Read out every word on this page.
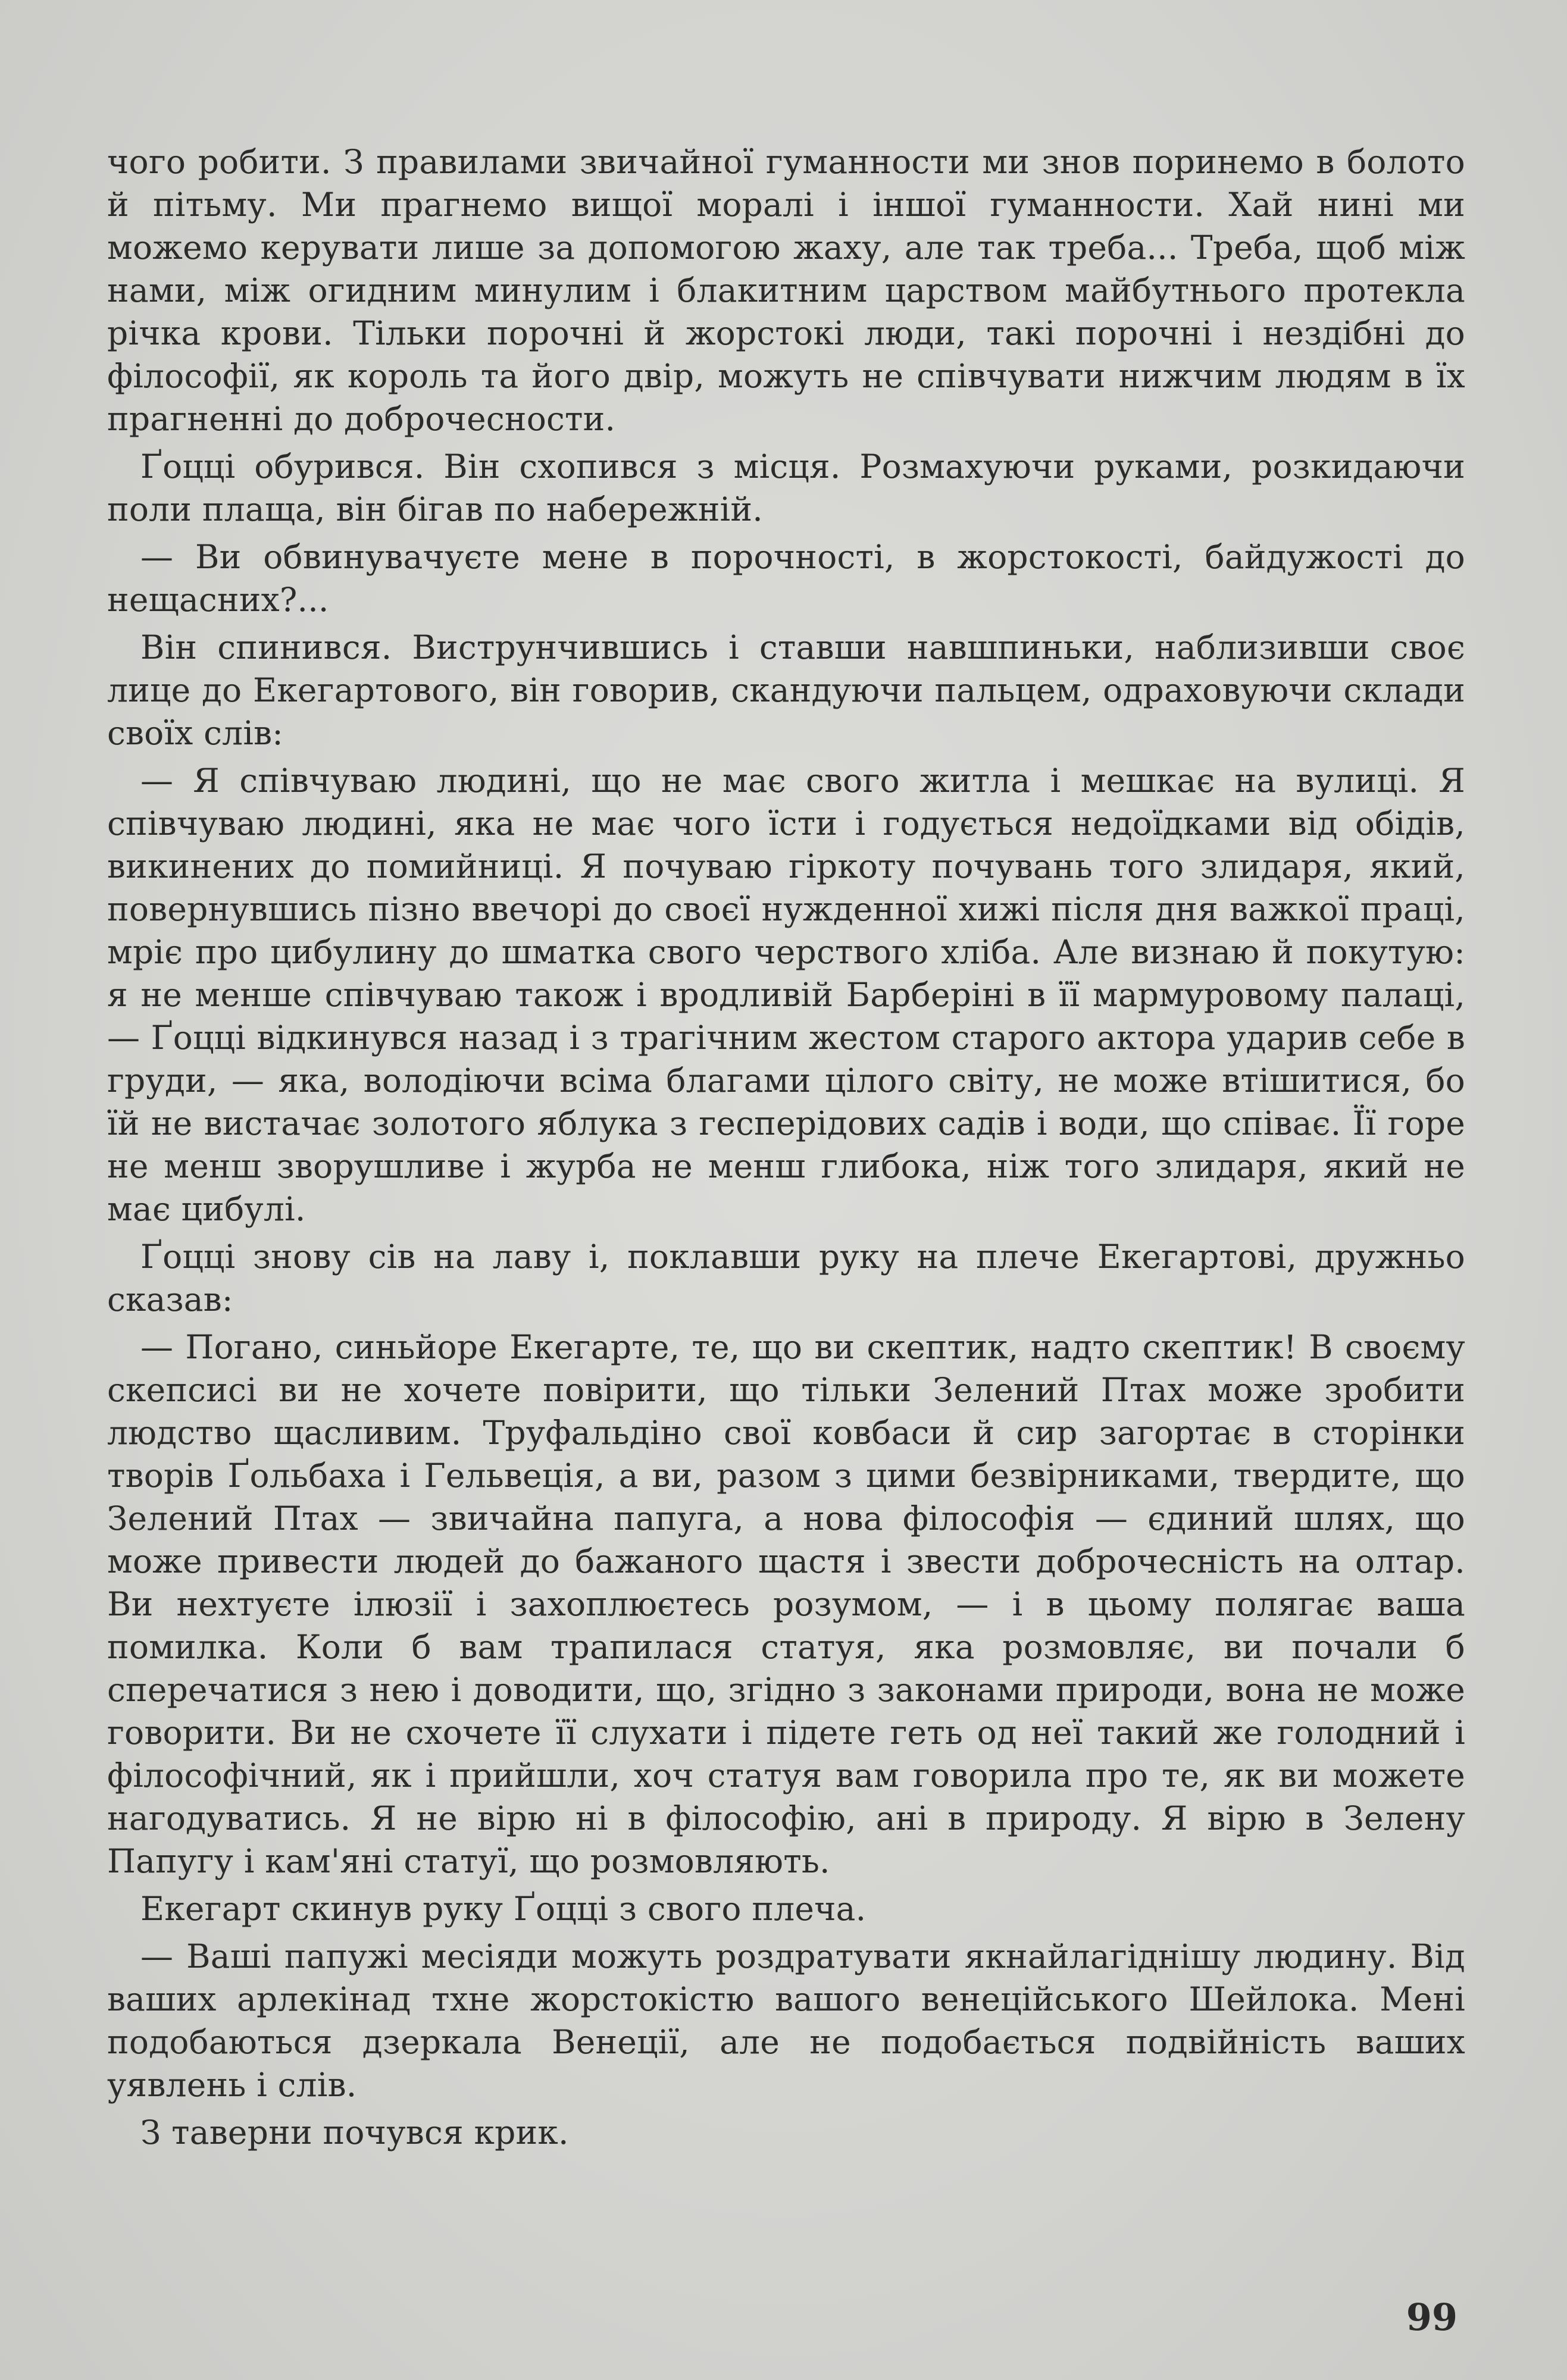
чого робити. З правилами звичайної гуманности ми знов поринемо в болото й пітьму. Ми прагнемо вищої моралі і іншої гуманности. Хай нині ми можемо керувати лише за допомогою жаху, але так треба... Треба, щоб між нами, між огидним минулим і блакитним царством майбутнього протекла річка крови. Тільки порочні й жорстокі люди, такі порочні і нездібні до філософії, як король та його двір, можуть не співчувати нижчим людям в їх прагненні до доброчесности.

Ґоцці обурився. Він схопився з місця. Розмахуючи руками, розкидаючи поли плаща, він бігав по набережній.

— Ви обвинувачуєте мене в порочності, в жорстокості, байдужості до нещасних?...

Він спинився. Виструнчившись і ставши навшпиньки, наблизивши своє лице до Екегартового, він говорив, скандуючи пальцем, одраховуючи склади своїх слів:

— Я співчуваю людині, що не має свого житла і мешкає на вулиці. Я співчуваю людині, яка не має чого їсти і годується недоїдками від обідів, викинених до помийниці. Я почуваю гіркоту почувань того злидаря, який, повернувшись пізно ввечорі до своєї нужденної хижі після дня важкої праці, мріє про цибулину до шматка свого черствого хліба. Але визнаю й покутую: я не менше співчуваю також і вродливій Барберіні в її мармуровому палаці, — Ґоцці відкинувся назад і з трагічним жестом старого актора ударив себе в груди, — яка, володіючи всіма благами цілого світу, не може втішитися, бо їй не вистачає золотого яблука з гесперідових садів і води, що співає. Її горе не менш зворушливе і журба не менш глибока, ніж того злидаря, який не має цибулі.

Ґоцці знову сів на лаву і, поклавши руку на плече Екегартові, дружньо сказав:

— Погано, синьйоре Екегарте, те, що ви скептик, надто скептик! В своєму скепсисі ви не хочете повірити, що тільки Зелений Птах може зробити людство щасливим. Труфальдіно свої ковбаси й сир загортає в сторінки творів Ґольбаха і Гельвеція, а ви, разом з цими безвірниками, твердите, що Зелений Птах — звичайна папуга, а нова філософія — єдиний шлях, що може привести людей до бажаного щастя і звести доброчесність на олтар. Ви нехтуєте ілюзії і захоплюєтесь розумом, — і в цьому полягає ваша помилка. Коли б вам трапилася статуя, яка розмовляє, ви почали б сперечатися з нею і доводити, що, згідно з законами природи, вона не може говорити. Ви не схочете її слухати і підете геть од неї такий же голодний і філософічний, як і прийшли, хоч статуя вам говорила про те, як ви можете нагодуватись. Я не вірю ні в філософію, ані в природу. Я вірю в Зелену Папугу і кам'яні статуї, що розмовляють.

Екегарт скинув руку Ґоцці з свого плеча.

— Ваші папужі месіяди можуть роздратувати якнайлагіднішу людину. Від ваших арлекінад тхне жорстокістю вашого венеційського Шейлока. Мені подобаються дзеркала Венеції, але не подобається подвійність ваших уявлень і слів.

З таверни почувся крик.

99
